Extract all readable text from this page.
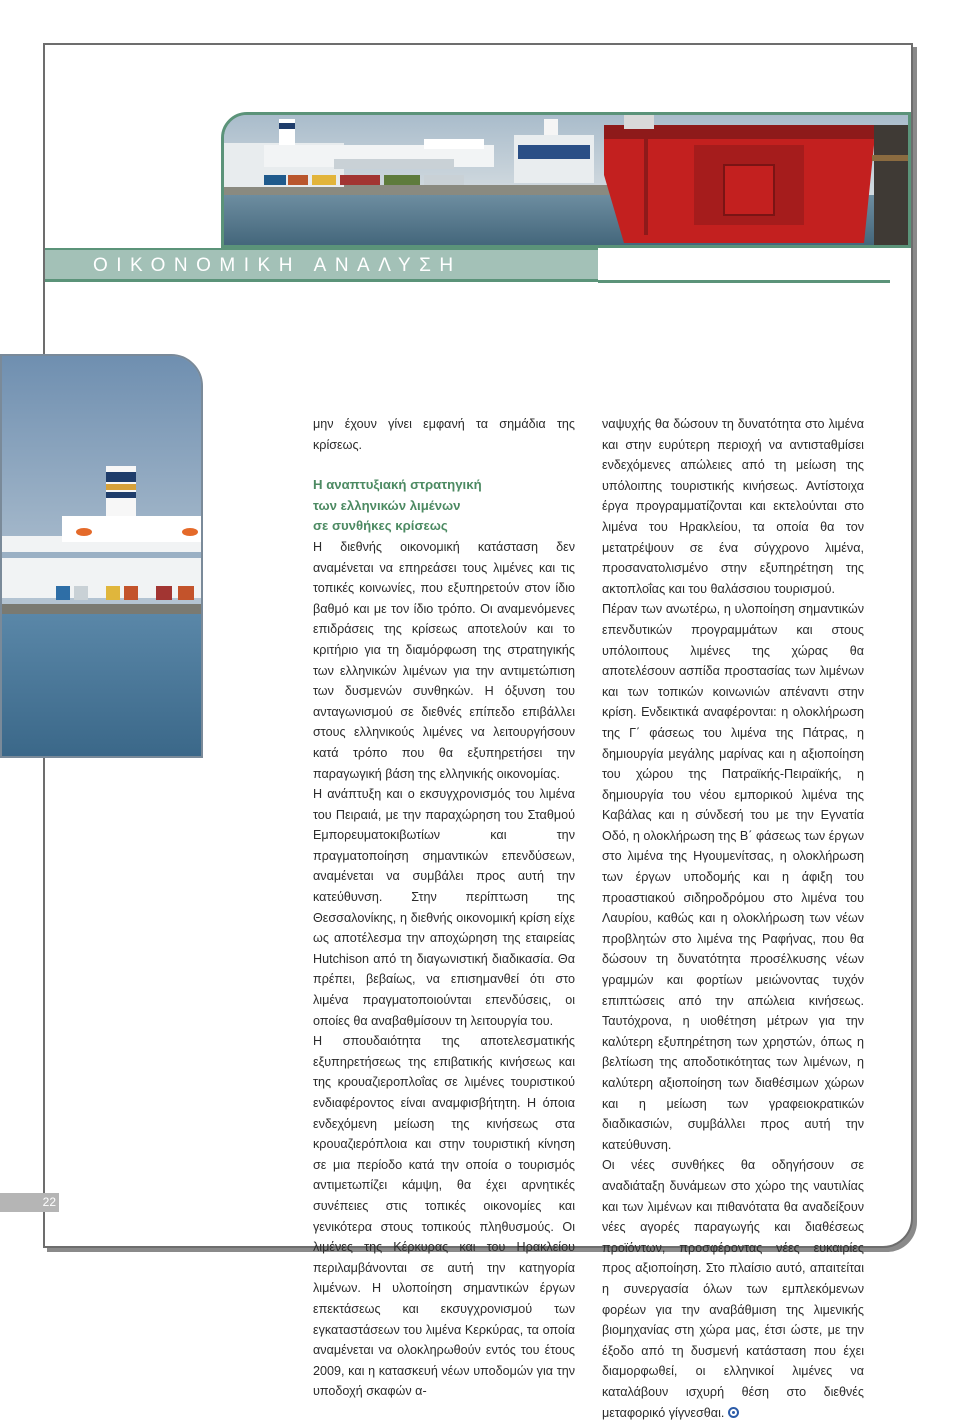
ΟΙΚΟΝΟΜΙΚΗ ΑΝΑΛΥΣΗ

μην έχουν γίνει εμφανή τα σημάδια της κρίσεως.

Η αναπτυξιακή στρατηγική

των ελληνικών λιμένων

σε συνθήκες κρίσεως

Η διεθνής οικονομική κατάσταση δεν αναμένεται να επηρεάσει τους λιμένες και τις τοπικές κοινωνίες, που εξυπηρετούν στον ίδιο βαθμό και με τον ίδιο τρόπο. Οι αναμενόμενες επιδράσεις της κρίσεως αποτελούν και το κριτήριο για τη διαμόρφωση της στρατηγικής των ελληνικών λιμένων για την αντιμετώπιση των δυσμενών συνθηκών. Η όξυνση του ανταγωνισμού σε διεθνές επίπεδο επιβάλλει στους ελληνικούς λιμένες να λειτουργήσουν κατά τρόπο που θα εξυπηρετήσει την παραγωγική βάση της ελληνικής οικονομίας.

Η ανάπτυξη και ο εκσυγχρονισμός του λιμένα του Πειραιά, με την παραχώρηση του Σταθμού Εμπορευματοκιβωτίων και την πραγματοποίηση σημαντικών επενδύσεων, αναμένεται να συμβάλει προς αυτή την κατεύθυνση. Στην περίπτωση της Θεσσαλονίκης, η διεθνής οικονομική κρίση είχε ως αποτέλεσμα την αποχώρηση της εταιρείας Hutchison από τη διαγωνιστική διαδικασία. Θα πρέπει, βεβαίως, να επισημανθεί ότι στο λιμένα πραγματοποιούνται επενδύσεις, οι οποίες θα αναβαθμίσουν τη λειτουργία του.

Η σπουδαιότητα της αποτελεσματικής εξυπηρετήσεως της επιβατικής κινήσεως και της κρουαζιεροπλοΐας σε λιμένες τουριστικού ενδιαφέροντος είναι αναμφισβήτητη. Η όποια ενδεχόμενη μείωση της κινήσεως στα κρουαζιερόπλοια και στην τουριστική κίνηση σε μια περίοδο κατά την οποία ο τουρισμός αντιμετωπίζει κάμψη, θα έχει αρνητικές συνέπειες στις τοπικές οικονομίες και γενικότερα στους τοπικούς πληθυσμούς. Οι λιμένες της Κέρκυρας και του Ηρακλείου περιλαμβάνονται σε αυτή την κατηγορία λιμένων. Η υλοποίηση σημαντικών έργων επεκτάσεως και εκσυγχρονισμού των εγκαταστάσεων του λιμένα Κερκύρας, τα οποία αναμένεται να ολοκληρωθούν εντός του έτους 2009, και η κατασκευή νέων υποδομών για την υποδοχή σκαφών α-

ναψυχής θα δώσουν τη δυνατότητα στο λιμένα και στην ευρύτερη περιοχή να αντισταθμίσει ενδεχόμενες απώλειες από τη μείωση της υπόλοιπης τουριστικής κινήσεως. Αντίστοιχα έργα προγραμματίζονται και εκτελούνται στο λιμένα του Ηρακλείου, τα οποία θα τον μετατρέψουν σε ένα σύγχρονο λιμένα, προσανατολισμένο στην εξυπηρέτηση της ακτοπλοΐας και του θαλάσσιου τουρισμού.

Πέραν των ανωτέρω, η υλοποίηση σημαντικών επενδυτικών προγραμμάτων και στους υπόλοιπους λιμένες της χώρας θα αποτελέσουν ασπίδα προστασίας των λιμένων και των τοπικών κοινωνιών απέναντι στην κρίση. Ενδεικτικά αναφέρονται: η ολοκλήρωση της Γ΄ φάσεως του λιμένα της Πάτρας, η δημιουργία μεγάλης μαρίνας και η αξιοποίηση του χώρου της Πατραϊκής-Πειραϊκής, η δημιουργία του νέου εμπορικού λιμένα της Καβάλας και η σύνδεσή του με την Εγνατία Οδό, η ολοκλήρωση της Β΄ φάσεως των έργων στο λιμένα της Ηγουμενίτσας, η ολοκλήρωση των έργων υποδομής και η άφιξη του προαστιακού σιδηροδρόμου στο λιμένα του Λαυρίου, καθώς και η ολοκλήρωση των νέων προβλητών στο λιμένα της Ραφήνας, που θα δώσουν τη δυνατότητα προσέλκυσης νέων γραμμών και φορτίων μειώνοντας τυχόν επιπτώσεις από την απώλεια κινήσεως. Ταυτόχρονα, η υιοθέτηση μέτρων για την καλύτερη εξυπηρέτηση των χρηστών, όπως η βελτίωση της αποδοτικότητας των λιμένων, η καλύτερη αξιοποίηση των διαθέσιμων χώρων και η μείωση των γραφειοκρατικών διαδικασιών, συμβάλλει προς αυτή την κατεύθυνση.

Οι νέες συνθήκες θα οδηγήσουν σε αναδιάταξη δυνάμεων στο χώρο της ναυτιλίας και των λιμένων και πιθανότατα θα αναδείξουν νέες αγορές παραγωγής και διαθέσεως προϊόντων, προσφέροντας νέες ευκαιρίες προς αξιοποίηση. Στο πλαίσιο αυτό, απαιτείται η συνεργασία όλων των εμπλεκόμενων φορέων για την αναβάθμιση της λιμενικής βιομηχανίας στη χώρα μας, έτσι ώστε, με την έξοδο από τη δυσμενή κατάσταση που έχει διαμορφωθεί, οι ελληνικοί λιμένες να καταλάβουν ισχυρή θέση στο διεθνές μεταφορικό γίγνεσθαι.

22
